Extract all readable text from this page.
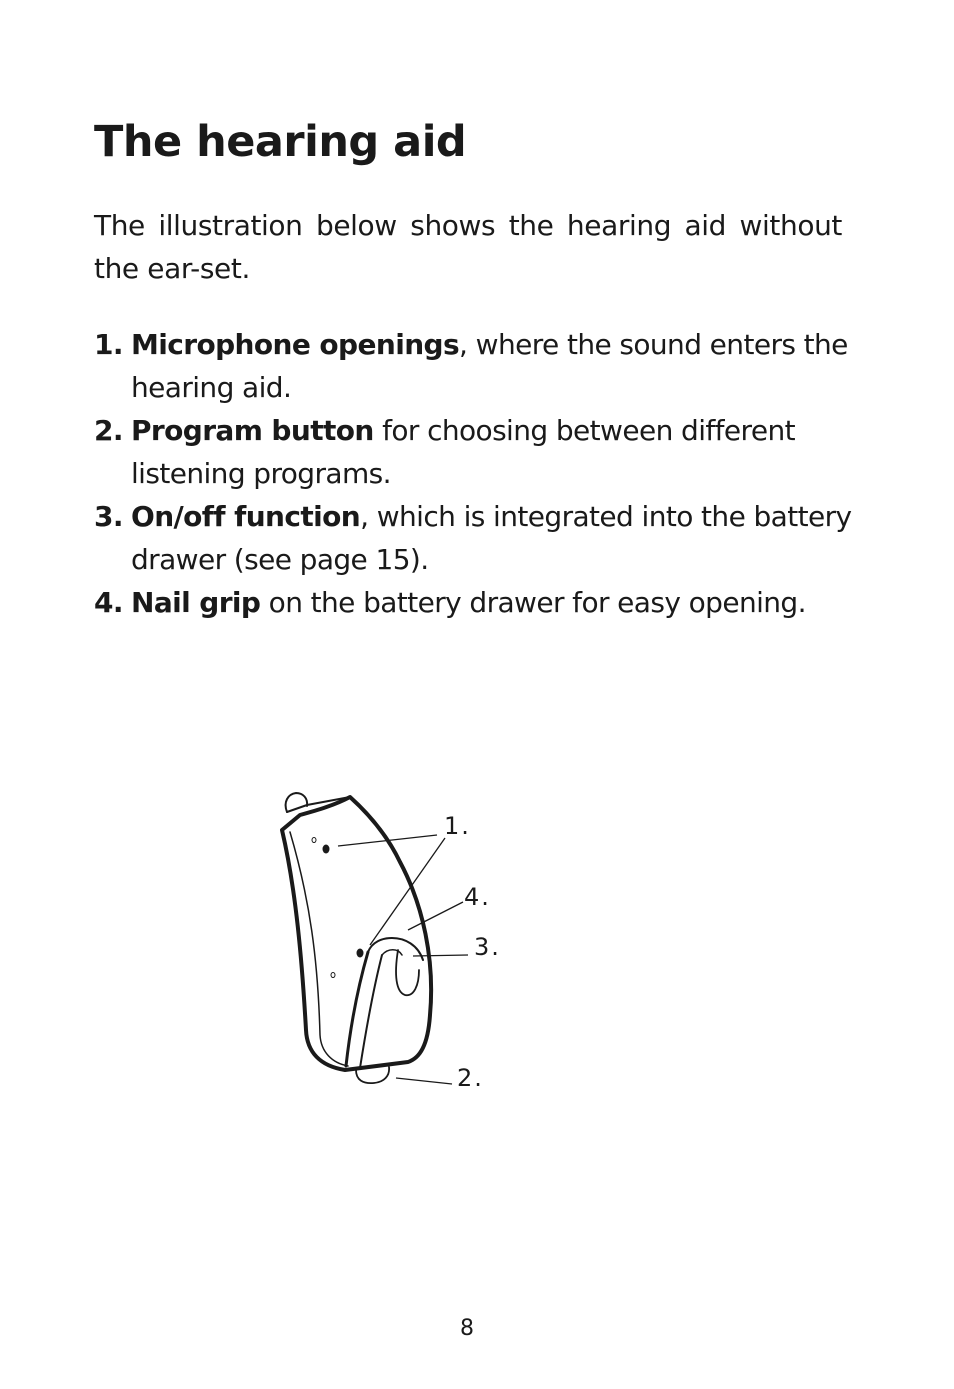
The hearing aid

The illustration below shows the hearing aid without the ear-set.

1. Microphone openings, where the sound enters the hearing aid.
2. Program button for choosing between different listening programs.
3. On/off function, which is integrated into the battery drawer (see page 15).
4. Nail grip on the battery drawer for easy opening.
1.
4.
3.
2.
8
